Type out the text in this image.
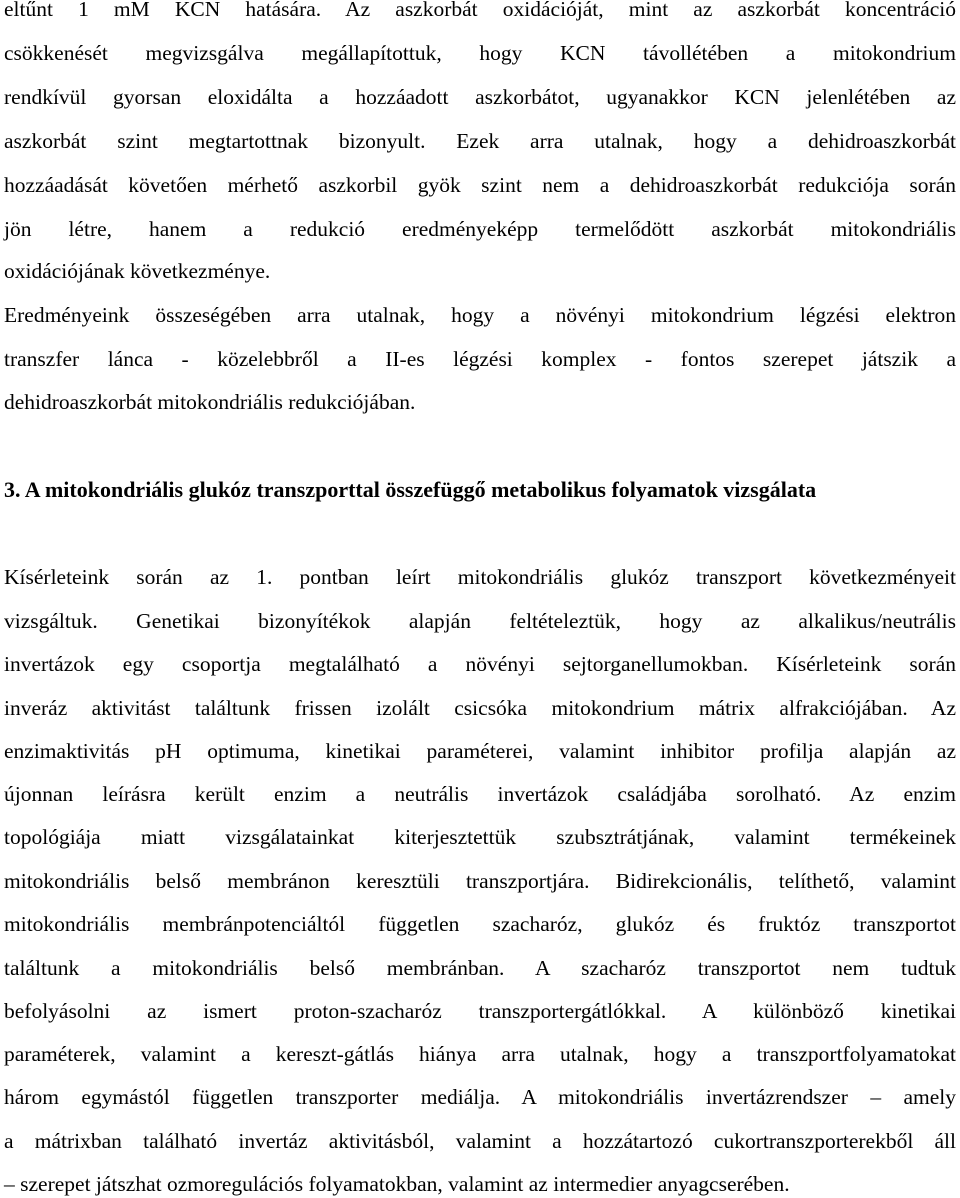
eltűnt 1 mM KCN hatására. Az aszkorbát oxidációját, mint az aszkorbát koncentráció
csökkenését megvizsgálva megállapítottuk, hogy KCN távollétében a mitokondrium
rendkívül gyorsan eloxidálta a hozzáadott aszkorbátot, ugyanakkor KCN jelenlétében az
aszkorbát szint megtartottnak bizonyult. Ezek arra utalnak, hogy a dehidroaszkorbát
hozzáadását követően mérhető aszkorbil gyök szint nem a dehidroaszkorbát redukciója során
jön létre, hanem a redukció eredményeképp termelődött aszkorbát mitokondriális
oxidációjának következménye.
Eredményeink összeségében arra utalnak, hogy a növényi mitokondrium légzési elektron
transzfer lánca - közelebbről a II-es légzési komplex - fontos szerepet játszik a
dehidroaszkorbát mitokondriális redukciójában.
3. A mitokondriális glukóz transzporttal összefüggő metabolikus folyamatok vizsgálata
Kísérleteink során az 1. pontban leírt mitokondriális glukóz transzport következményeit
vizsgáltuk. Genetikai bizonyítékok alapján feltételeztük, hogy az alkalikus/neutrális
invertázok egy csoportja megtalálható a növényi sejtorganellumokban. Kísérleteink során
inveráz aktivitást találtunk frissen izolált csicsóka mitokondrium mátrix alfrakciójában. Az
enzimaktivitás pH optimuma, kinetikai paraméterei, valamint inhibitor profilja alapján az
újonnan leírásra került enzim a neutrális invertázok családjába sorolható. Az enzim
topológiája miatt vizsgálatainkat kiterjesztettük szubsztrátjának, valamint termékeinek
mitokondriális belső membránon keresztüli transzportjára. Bidirekcionális, telíthető, valamint
mitokondriális membránpotenciáltól független szacharóz, glukóz és fruktóz transzportot
találtunk a mitokondriális belső membránban. A szacharóz transzportot nem tudtuk
befolyásolni az ismert proton-szacharóz transzportergátlókkal. A különböző kinetikai
paraméterek, valamint a kereszt-gátlás hiánya arra utalnak, hogy a transzportfolyamatokat
három egymástól független transzporter mediálja. A mitokondriális invertázrendszer – amely
a mátrixban található invertáz aktivitásból, valamint a hozzátartozó cukortranszporterekből áll
– szerepet játszhat ozmoregulációs folyamatokban, valamint az intermedier anyagcserében.
